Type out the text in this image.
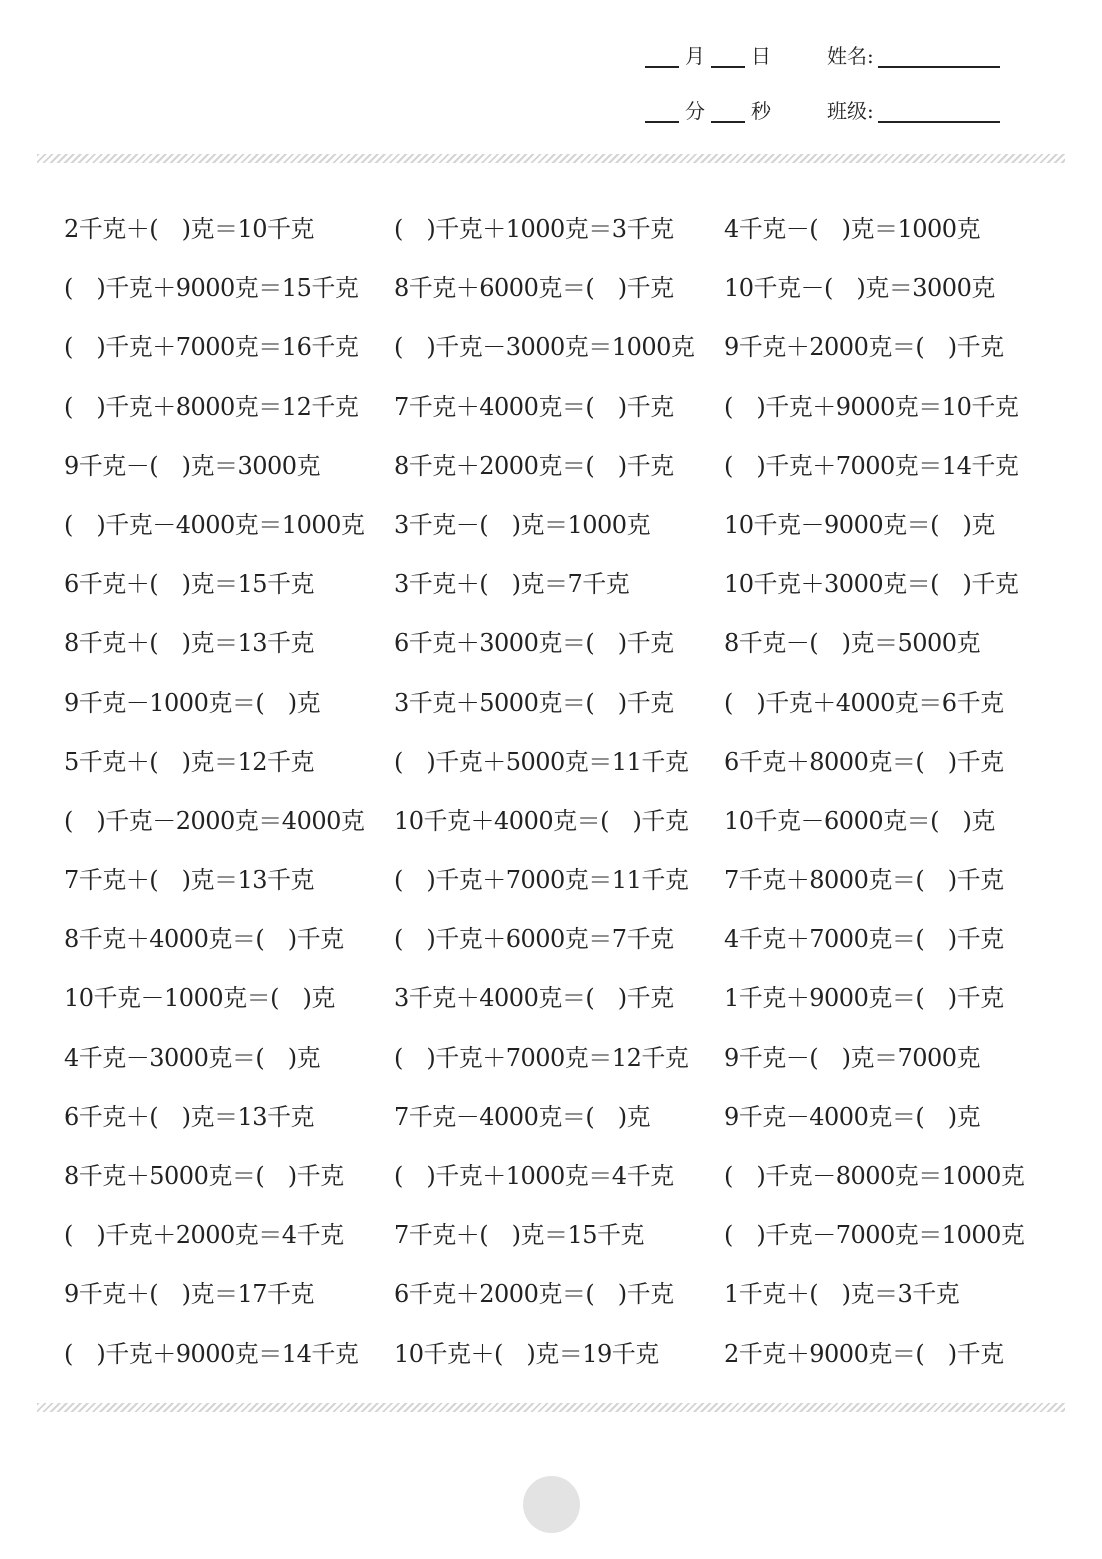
月 日	姓名:
分 秒	班级:
2千克＋(　)克＝10千克	(　)千克＋1000克＝3千克	4千克－(　)克＝1000克
(　)千克＋9000克＝15千克	8千克＋6000克＝(　)千克	10千克－(　)克＝3000克
(　)千克＋7000克＝16千克	(　)千克－3000克＝1000克	9千克＋2000克＝(　)千克
(　)千克＋8000克＝12千克	7千克＋4000克＝(　)千克	(　)千克＋9000克＝10千克
9千克－(　)克＝3000克	8千克＋2000克＝(　)千克	(　)千克＋7000克＝14千克
(　)千克－4000克＝1000克	3千克－(　)克＝1000克	10千克－9000克＝(　)克
6千克＋(　)克＝15千克	3千克＋(　)克＝7千克	10千克＋3000克＝(　)千克
8千克＋(　)克＝13千克	6千克＋3000克＝(　)千克	8千克－(　)克＝5000克
9千克－1000克＝(　)克	3千克＋5000克＝(　)千克	(　)千克＋4000克＝6千克
5千克＋(　)克＝12千克	(　)千克＋5000克＝11千克	6千克＋8000克＝(　)千克
(　)千克－2000克＝4000克	10千克＋4000克＝(　)千克	10千克－6000克＝(　)克
7千克＋(　)克＝13千克	(　)千克＋7000克＝11千克	7千克＋8000克＝(　)千克
8千克＋4000克＝(　)千克	(　)千克＋6000克＝7千克	4千克＋7000克＝(　)千克
10千克－1000克＝(　)克	3千克＋4000克＝(　)千克	1千克＋9000克＝(　)千克
4千克－3000克＝(　)克	(　)千克＋7000克＝12千克	9千克－(　)克＝7000克
6千克＋(　)克＝13千克	7千克－4000克＝(　)克	9千克－4000克＝(　)克
8千克＋5000克＝(　)千克	(　)千克＋1000克＝4千克	(　)千克－8000克＝1000克
(　)千克＋2000克＝4千克	7千克＋(　)克＝15千克	(　)千克－7000克＝1000克
9千克＋(　)克＝17千克	6千克＋2000克＝(　)千克	1千克＋(　)克＝3千克
(　)千克＋9000克＝14千克	10千克＋(　)克＝19千克	2千克＋9000克＝(　)千克
